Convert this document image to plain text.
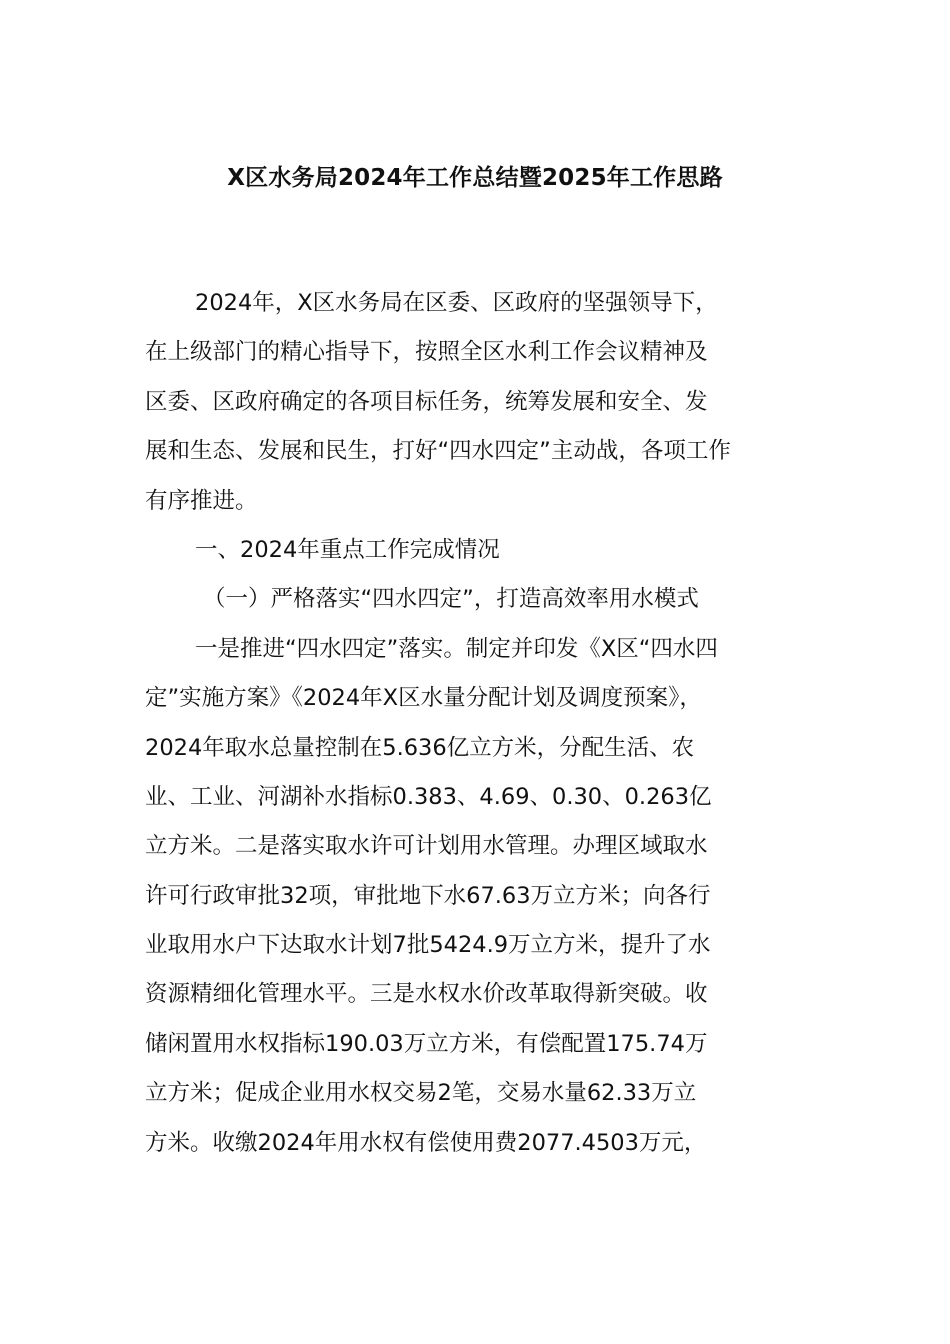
X区水务局2024年工作总结暨2025年工作思路
2024年，X区水务局在区委、区政府的坚强领导下，
在上级部门的精心指导下，按照全区水利工作会议精神及
区委、区政府确定的各项目标任务，统筹发展和安全、发
展和生态、发展和民生，打好“四水四定”主动战，各项工作
有序推进。
一、2024年重点工作完成情况
（一）严格落实“四水四定”，打造高效率用水模式
一是推进“四水四定”落实。制定并印发《X区“四水四
定”实施方案》《2024年X区水量分配计划及调度预案》，
2024年取水总量控制在5.636亿立方米，分配生活、农
业、工业、河湖补水指标0.383、4.69、0.30、0.263亿
立方米。二是落实取水许可计划用水管理。办理区域取水
许可行政审批32项，审批地下水67.63万立方米；向各行
业取用水户下达取水计划7批5424.9万立方米，提升了水
资源精细化管理水平。三是水权水价改革取得新突破。收
储闲置用水权指标190.03万立方米，有偿配置175.74万
立方米；促成企业用水权交易2笔，交易水量62.33万立
方米。收缴2024年用水权有偿使用费2077.4503万元，
